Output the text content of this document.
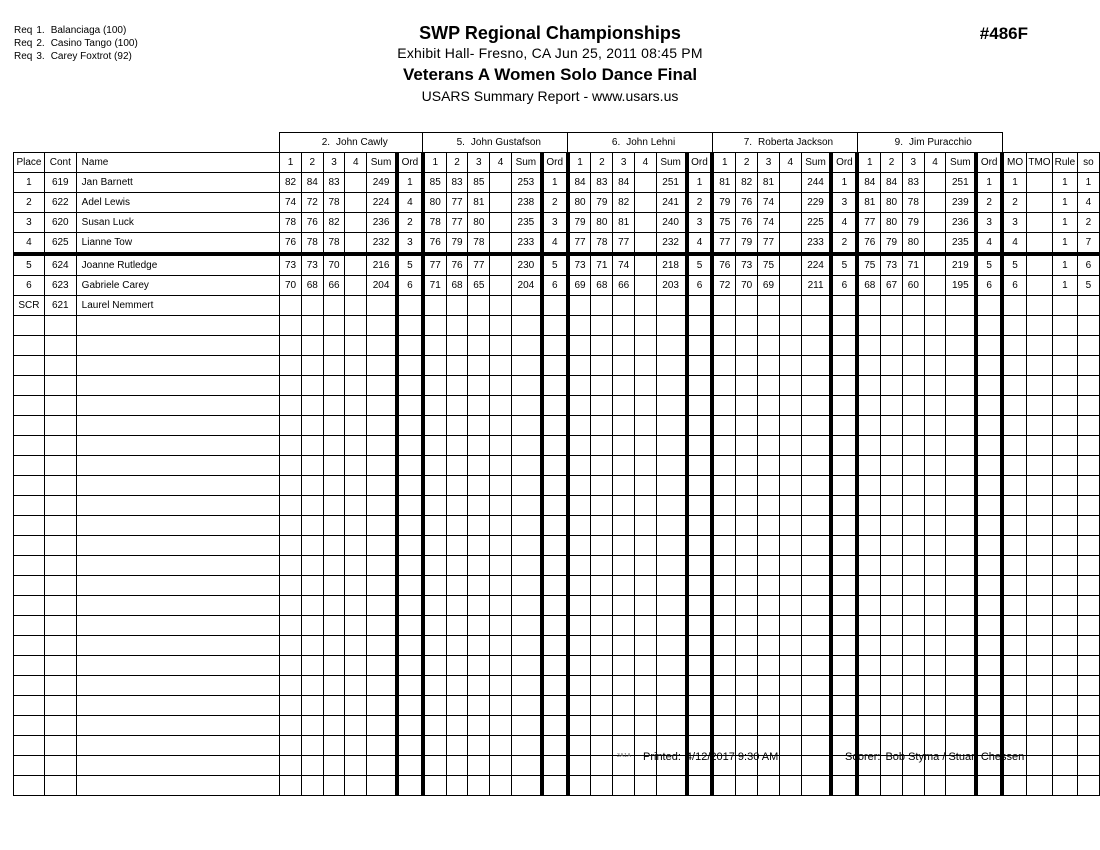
Req 1. Balanciaga (100)
Req 2. Casino Tango (100)
Req 3. Carey Foxtrot (92)
SWP Regional Championships
Exhibit Hall- Fresno, CA Jun 25, 2011 08:45 PM
Veterans A Women Solo Dance Final
USARS Summary Report - www.usars.us
#486F
			2. John Cawly						5. John Gustafson						6. John Lehni						7. Roberta Jackson						9. Jim Puracchio									
Place	Cont	Name	1	2	3	4	Sum	Ord	1	2	3	4	Sum	Ord	1	2	3	4	Sum	Ord	1	2	3	4	Sum	Ord	1	2	3	4	Sum	Ord	MO	TMO	Rule	so
1	619	Jan Barnett	82	84	83		249	1	85	83	85		253	1	84	83	84		251	1	81	82	81		244	1	84	84	83		251	1	1		1	1
2	622	Adel Lewis	74	72	78		224	4	80	77	81		238	2	80	79	82		241	2	79	76	74		229	3	81	80	78		239	2	2		1	4
3	620	Susan Luck	78	76	82		236	2	78	77	80		235	3	79	80	81		240	3	75	76	74		225	4	77	80	79		236	3	3		1	2
4	625	Lianne Tow	76	78	78		232	3	76	79	78		233	4	77	78	77		232	4	77	79	77		233	2	76	79	80		235	4	4		1	7
5	624	Joanne Rutledge	73	73	70		216	5	77	76	77		230	5	73	71	74		218	5	76	73	75		224	5	75	73	71		219	5	5		1	6
6	623	Gabriele Carey	70	68	66		204	6	71	68	65		204	6	69	68	66		203	6	72	70	69		211	6	68	67	60		195	6	6		1	5
SCR	621	Laurel Nemmert																																		

3A1A Printed: 4/12/2017 9:30 AM	Scorer: Bob Styma / Stuart Chessen
